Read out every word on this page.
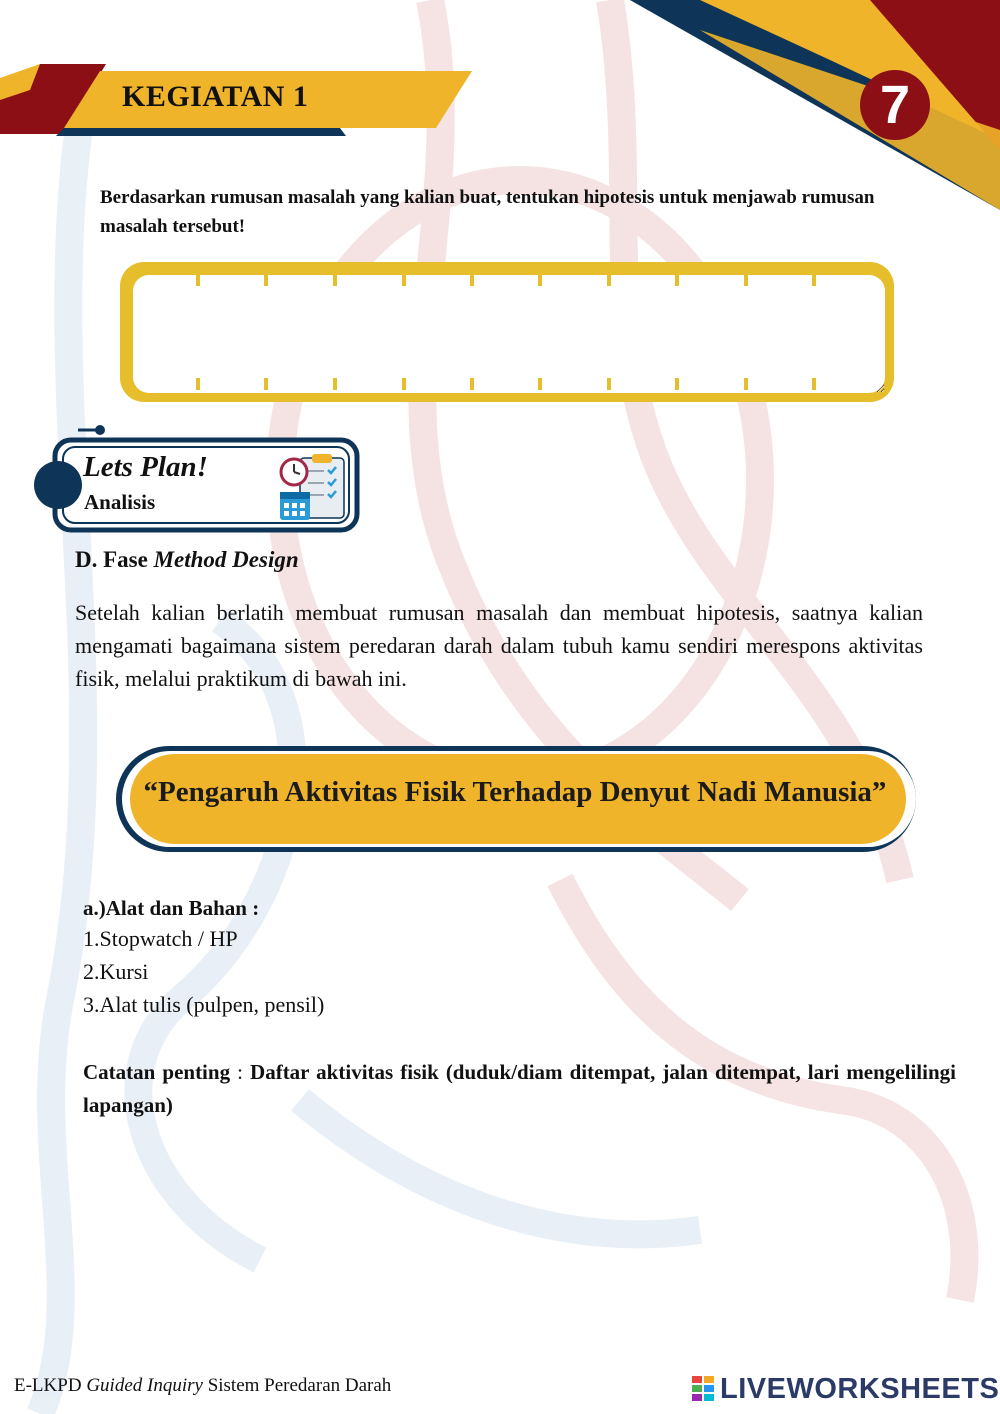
KEGIATAN 1	7
Berdasarkan rumusan masalah yang kalian buat, tentukan hipotesis untuk menjawab rumusan masalah tersebut!
Lets Plan!
Analisis
D. Fase Method Design
Setelah kalian berlatih membuat rumusan masalah dan membuat hipotesis, saatnya kalian mengamati bagaimana sistem peredaran darah dalam tubuh kamu sendiri merespons aktivitas fisik, melalui praktikum di bawah ini.
“Pengaruh Aktivitas Fisik Terhadap Denyut Nadi Manusia”
a.)Alat dan Bahan :
1.Stopwatch / HP
2.Kursi
3.Alat tulis (pulpen, pensil)
Catatan penting : Daftar aktivitas fisik (duduk/diam ditempat, jalan ditempat, lari mengelilingi lapangan)
E-LKPD Guided Inquiry Sistem Peredaran Darah	LIVEWORKSHEETS
